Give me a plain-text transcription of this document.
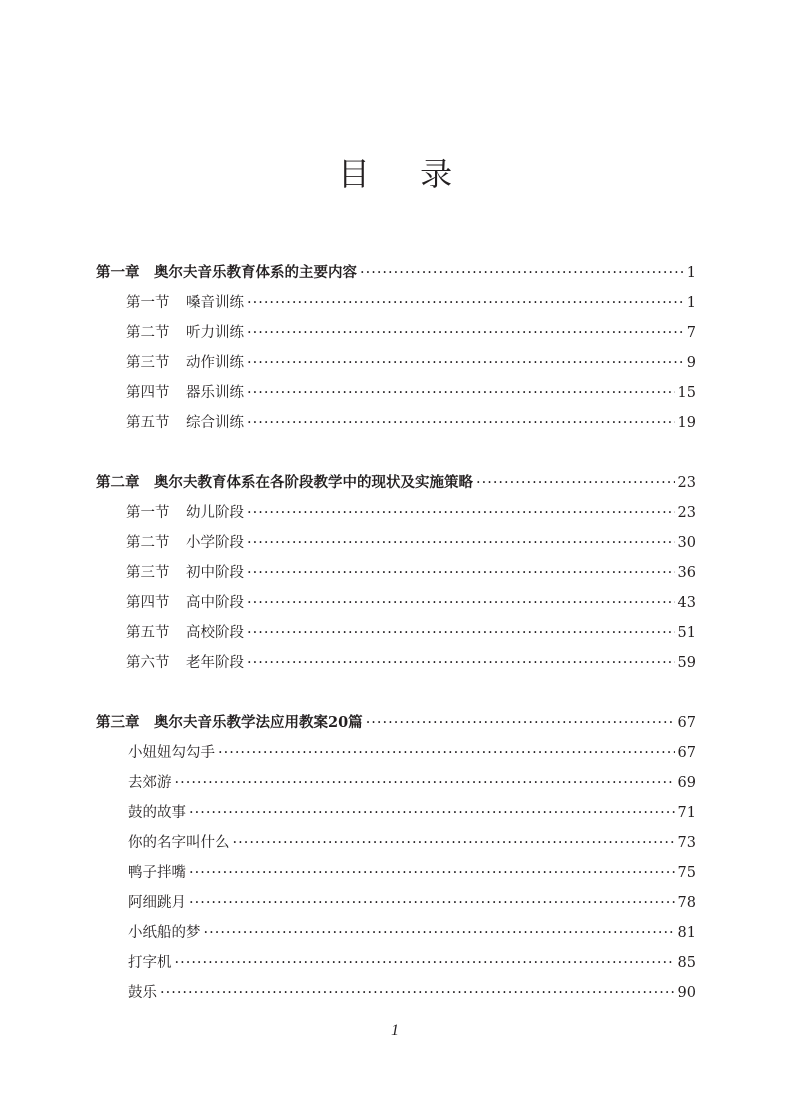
目 录
第一章	奥尔夫音乐教育体系的主要内容 ·····	1
第一节	嗓音训练 ·····	1
第二节	听力训练 ·····	7
第三节	动作训练 ·····	9
第四节	器乐训练 ·····	15
第五节	综合训练 ·····	19
第二章	奥尔夫教育体系在各阶段教学中的现状及实施策略 ·····	23
第一节	幼儿阶段 ·····	23
第二节	小学阶段 ·····	30
第三节	初中阶段 ·····	36
第四节	高中阶段 ·····	43
第五节	高校阶段 ·····	51
第六节	老年阶段 ·····	59
第三章	奥尔夫音乐教学法应用教案20篇 ·····	67
小妞妞勾勾手 ·····	67
去郊游 ·····	69
鼓的故事 ·····	71
你的名字叫什么 ·····	73
鸭子拌嘴 ·····	75
阿细跳月 ·····	78
小纸船的梦 ·····	81
打字机 ·····	85
鼓乐 ·····	90
1
